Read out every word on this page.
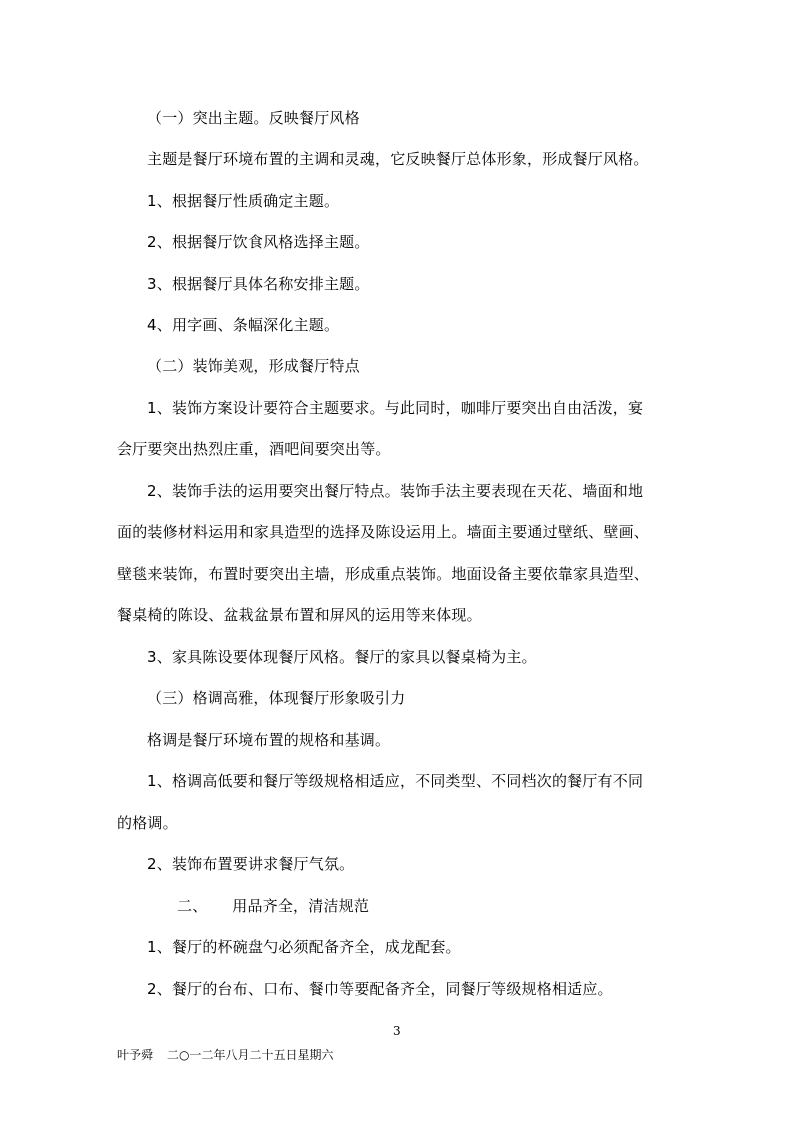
（一）突出主题。反映餐厅风格
主题是餐厅环境布置的主调和灵魂，它反映餐厅总体形象，形成餐厅风格。
1、根据餐厅性质确定主题。
2、根据餐厅饮食风格选择主题。
3、根据餐厅具体名称安排主题。
4、用字画、条幅深化主题。
（二）装饰美观，形成餐厅特点
1、装饰方案设计要符合主题要求。与此同时，咖啡厅要突出自由活泼，宴
会厅要突出热烈庄重，酒吧间要突出等。
2、装饰手法的运用要突出餐厅特点。装饰手法主要表现在天花、墙面和地
面的装修材料运用和家具造型的选择及陈设运用上。墙面主要通过壁纸、壁画、
壁毯来装饰，布置时要突出主墙，形成重点装饰。地面设备主要依靠家具造型、
餐桌椅的陈设、盆栽盆景布置和屏风的运用等来体现。
3、家具陈设要体现餐厅风格。餐厅的家具以餐桌椅为主。
（三）格调高雅，体现餐厅形象吸引力
格调是餐厅环境布置的规格和基调。
1、格调高低要和餐厅等级规格相适应，不同类型、不同档次的餐厅有不同
的格调。
2、装饰布置要讲求餐厅气氛。
二、     用品齐全，清洁规范
1、餐厅的杯碗盘勺必须配备齐全，成龙配套。
2、餐厅的台布、口布、餐巾等要配备齐全，同餐厅等级规格相适应。
3
叶予舜 二○一二年八月二十五日星期六
